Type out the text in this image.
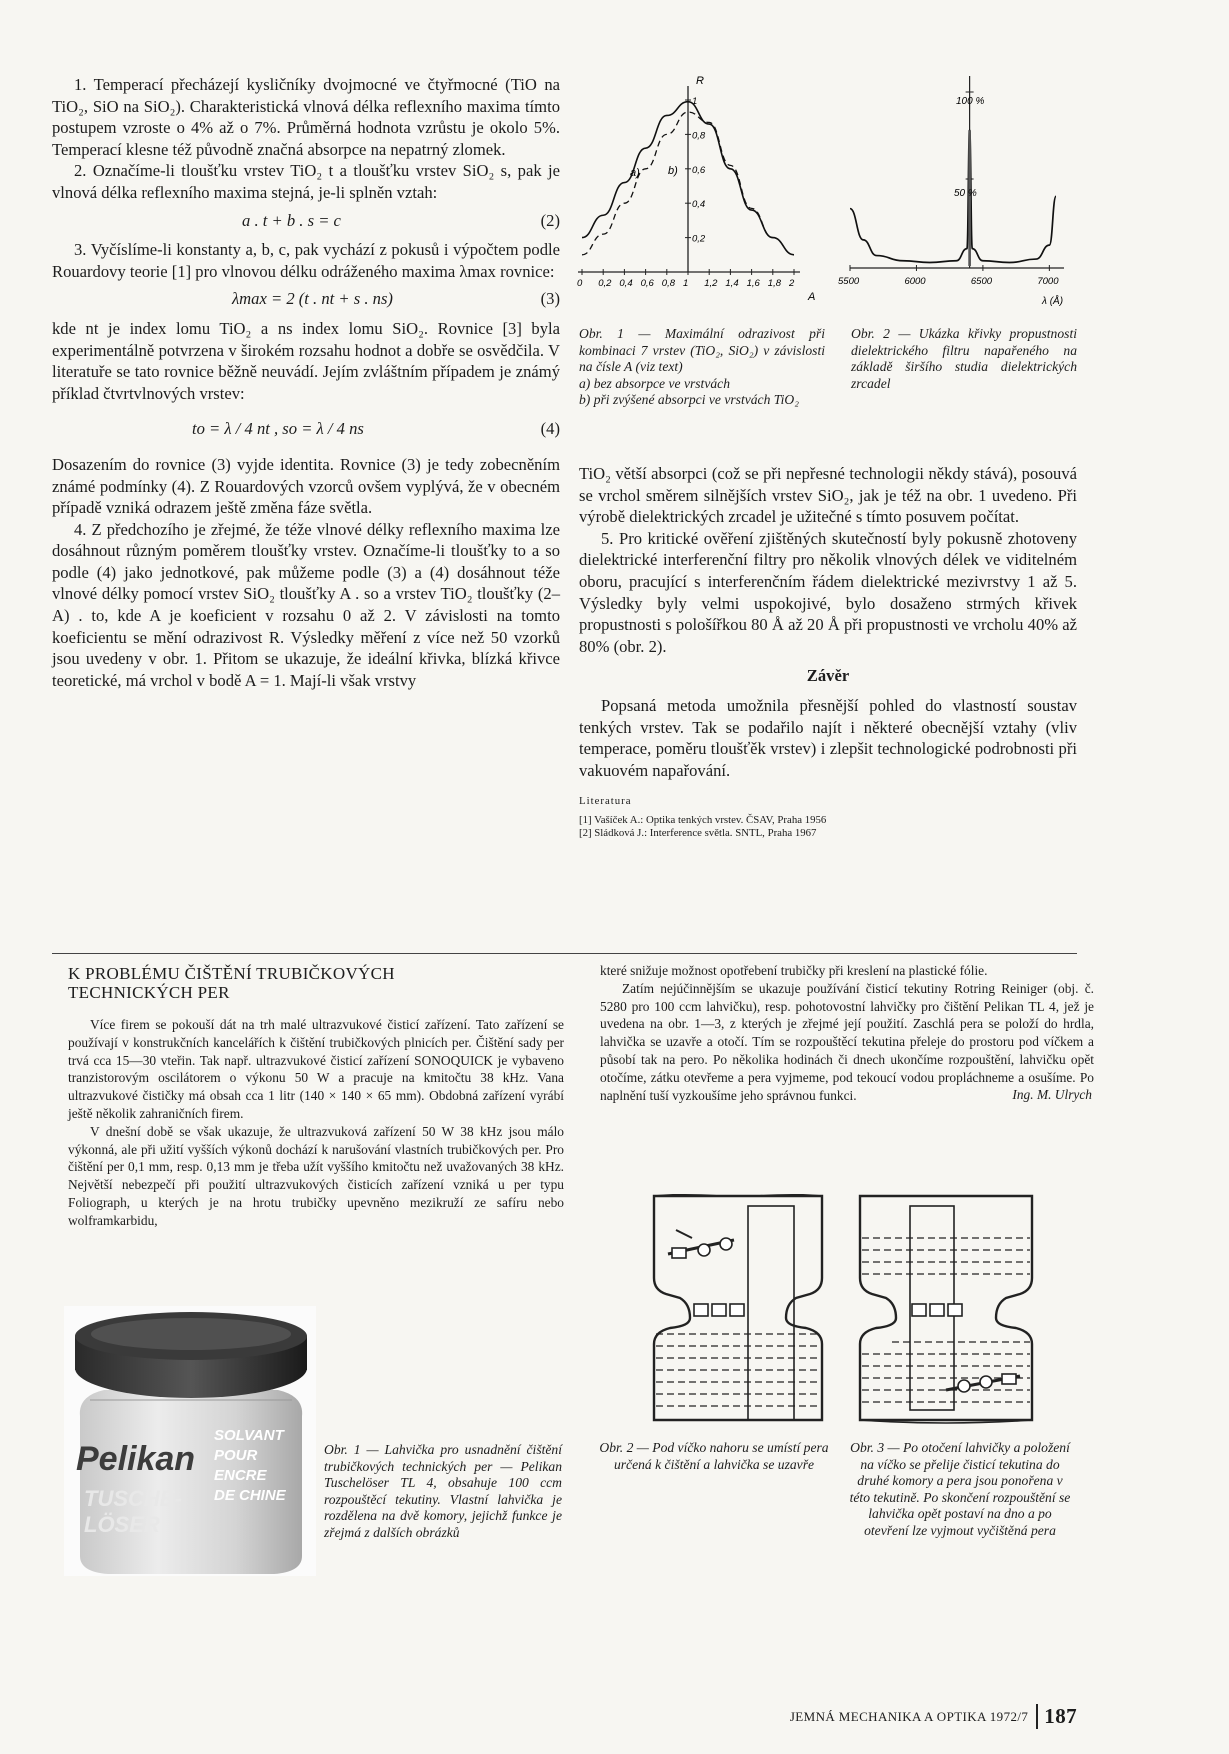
1. Temperací přecházejí kysličníky dvojmocné ve čtyřmocné (TiO na TiO₂, SiO na SiO₂). Charakteristická vlnová délka reflexního maxima tímto postupem vzroste o 4% až o 7%. Průměrná hodnota vzrůstu je okolo 5%. Temperací klesne též původně značná absorpce na nepatrný zlomek.

2. Označíme-li tloušťku vrstev TiO₂ t a tloušťku vrstev SiO₂ s, pak je vlnová délka reflexního maxima stejná, je-li splněn vztah:

a . t + b . s = c	(2)

3. Vyčíslíme-li konstanty a, b, c, pak vychází z pokusů i výpočtem podle Rouardovy teorie [1] pro vlnovou délku odráženého maxima λmax rovnice:

λmax = 2 (t . nt + s . ns)	(3)

kde nt je index lomu TiO₂ a ns index lomu SiO₂. Rovnice [3] byla experimentálně potvrzena v širokém rozsahu hodnot a dobře se osvědčila. V literatuře se tato rovnice běžně neuvádí. Jejím zvláštním případem je známý příklad čtvrtvlnových vrstev:

to = λ / 4 nt , so = λ / 4 ns	(4)

Dosazením do rovnice (3) vyjde identita. Rovnice (3) je tedy zobecněním známé podmínky (4). Z Rouardových vzorců ovšem vyplývá, že v obecném případě vzniká odrazem ještě změna fáze světla.

4. Z předchozího je zřejmé, že téže vlnové délky reflexního maxima lze dosáhnout různým poměrem tloušťky vrstev. Označíme-li tloušťky to a so podle (4) jako jednotkové, pak můžeme podle (3) a (4) dosáhnout téže vlnové délky pomocí vrstev SiO₂ tloušťky A . so a vrstev TiO₂ tloušťky (2–A) . to, kde A je koeficient v rozsahu 0 až 2. V závislosti na tomto koeficientu se mění odrazivost R. Výsledky měření z více než 50 vzorků jsou uvedeny v obr. 1. Přitom se ukazuje, že ideální křivka, blízká křivce teoretické, má vrchol v bodě A = 1. Mají-li však vrstvy

0 0,2 0,4 0,6 0,8 1 1,2 1,4 1,6 1,8 2
1
0,8
0,6
0,4
0,2
R
A
a)	b)
5500	6000	6500	7000
100 %
50 %
λ (Å)
Obr. 1 — Maximální odrazivost při kombinaci 7 vrstev (TiO₂, SiO₂) v závislosti na čísle A (viz text)
a) bez absorpce ve vrstvách
b) při zvýšené absorpci ve vrstvách TiO₂
Obr. 2 — Ukázka křivky propustnosti dielektrického filtru napařeného na základě širšího studia dielektrických zrcadel

TiO₂ větší absorpci (což se při nepřesné technologii někdy stává), posouvá se vrchol směrem silnějších vrstev SiO₂, jak je též na obr. 1 uvedeno. Při výrobě dielektrických zrcadel je užitečné s tímto posuvem počítat.

5. Pro kritické ověření zjištěných skutečností byly pokusně zhotoveny dielektrické interferenční filtry pro několik vlnových délek ve viditelném oboru, pracující s interferenčním řádem dielektrické mezivrstvy 1 až 5. Výsledky byly velmi uspokojivé, bylo dosaženo strmých křivek propustnosti s pološířkou 80 Å až 20 Å při propustnosti ve vrcholu 40% až 80% (obr. 2).

Závěr

Popsaná metoda umožnila přesnější pohled do vlastností soustav tenkých vrstev. Tak se podařilo najít i některé obecnější vztahy (vliv temperace, poměru tloušťěk vrstev) i zlepšit technologické podrobnosti při vakuovém napařování.

Literatura
[1] Vašíček A.: Optika tenkých vrstev. ČSAV, Praha 1956
[2] Sládková J.: Interference světla. SNTL, Praha 1967
K PROBLÉMU ČIŠTĚNÍ TRUBIČKOVÝCH
TECHNICKÝCH PER

Více firem se pokouší dát na trh malé ultrazvukové čisticí zařízení. Tato zařízení se používají v konstrukčních kancelářích k čištění trubičkových plnicích per. Čištění sady per trvá cca 15—30 vteřin. Tak např. ultrazvukové čisticí zařízení SONOQUICK je vybaveno tranzistorovým oscilátorem o výkonu 50 W a pracuje na kmitočtu 38 kHz. Vana ultrazvukové čističky má obsah cca 1 litr (140 × 140 × 65 mm). Obdobná zařízení vyrábí ještě několik zahraničních firem.

V dnešní době se však ukazuje, že ultrazvuková zařízení 50 W 38 kHz jsou málo výkonná, ale při užití vyšších výkonů dochází k narušování vlastních trubičkových per. Pro čištění per 0,1 mm, resp. 0,13 mm je třeba užít vyššího kmitočtu než uvažovaných 38 kHz. Největší nebezpečí při použití ultrazvukových čisticích zařízení vzniká u per typu Foliograph, u kterých je na hrotu trubičky upevněno mezikruží ze safíru nebo wolframkarbidu,

Pelikan
TUSCHE-
LÖSER
SOLVANT
POUR
ENCRE
DE CHINE
Obr. 1 — Lahvička pro usnadnění čištění trubičkových technických per — Pelikan Tuschelöser TL 4, obsahuje 100 ccm rozpouštěcí tekutiny. Vlastní lahvička je rozdělena na dvě komory, jejichž funkce je zřejmá z dalších obrázků

které snižuje možnost opotřebení trubičky při kreslení na plastické fólie.

Zatím nejúčinnějším se ukazuje používání čisticí tekutiny Rotring Reiniger (obj. č. 5280 pro 100 ccm lahvičku), resp. pohotovostní lahvičky pro čištění Pelikan TL 4, jež je uvedena na obr. 1—3, z kterých je zřejmé její použití. Zaschlá pera se položí do hrdla, lahvička se uzavře a otočí. Tím se rozpouštěcí tekutina přeleje do prostoru pod víčkem a působí tak na pero. Po několika hodinách či dnech ukončíme rozpouštění, lahvičku opět otočíme, zátku otevřeme a pera vyjmeme, pod tekoucí vodou propláchneme a osušíme. Po naplnění tuší vyzkoušíme jeho správnou funkci.	Ing. M. Ulrych
Obr. 2 — Pod víčko nahoru se umístí pera určená k čištění a lahvička se uzavře
Obr. 3 — Po otočení lahvičky a položení na víčko se přelije čisticí tekutina do druhé komory a pera jsou ponořena v této tekutině. Po skončení rozpouštění se lahvička opět postaví na dno a po otevření lze vyjmout vyčištěná pera
JEMNÁ MECHANIKA A OPTIKA 1972/7 187
